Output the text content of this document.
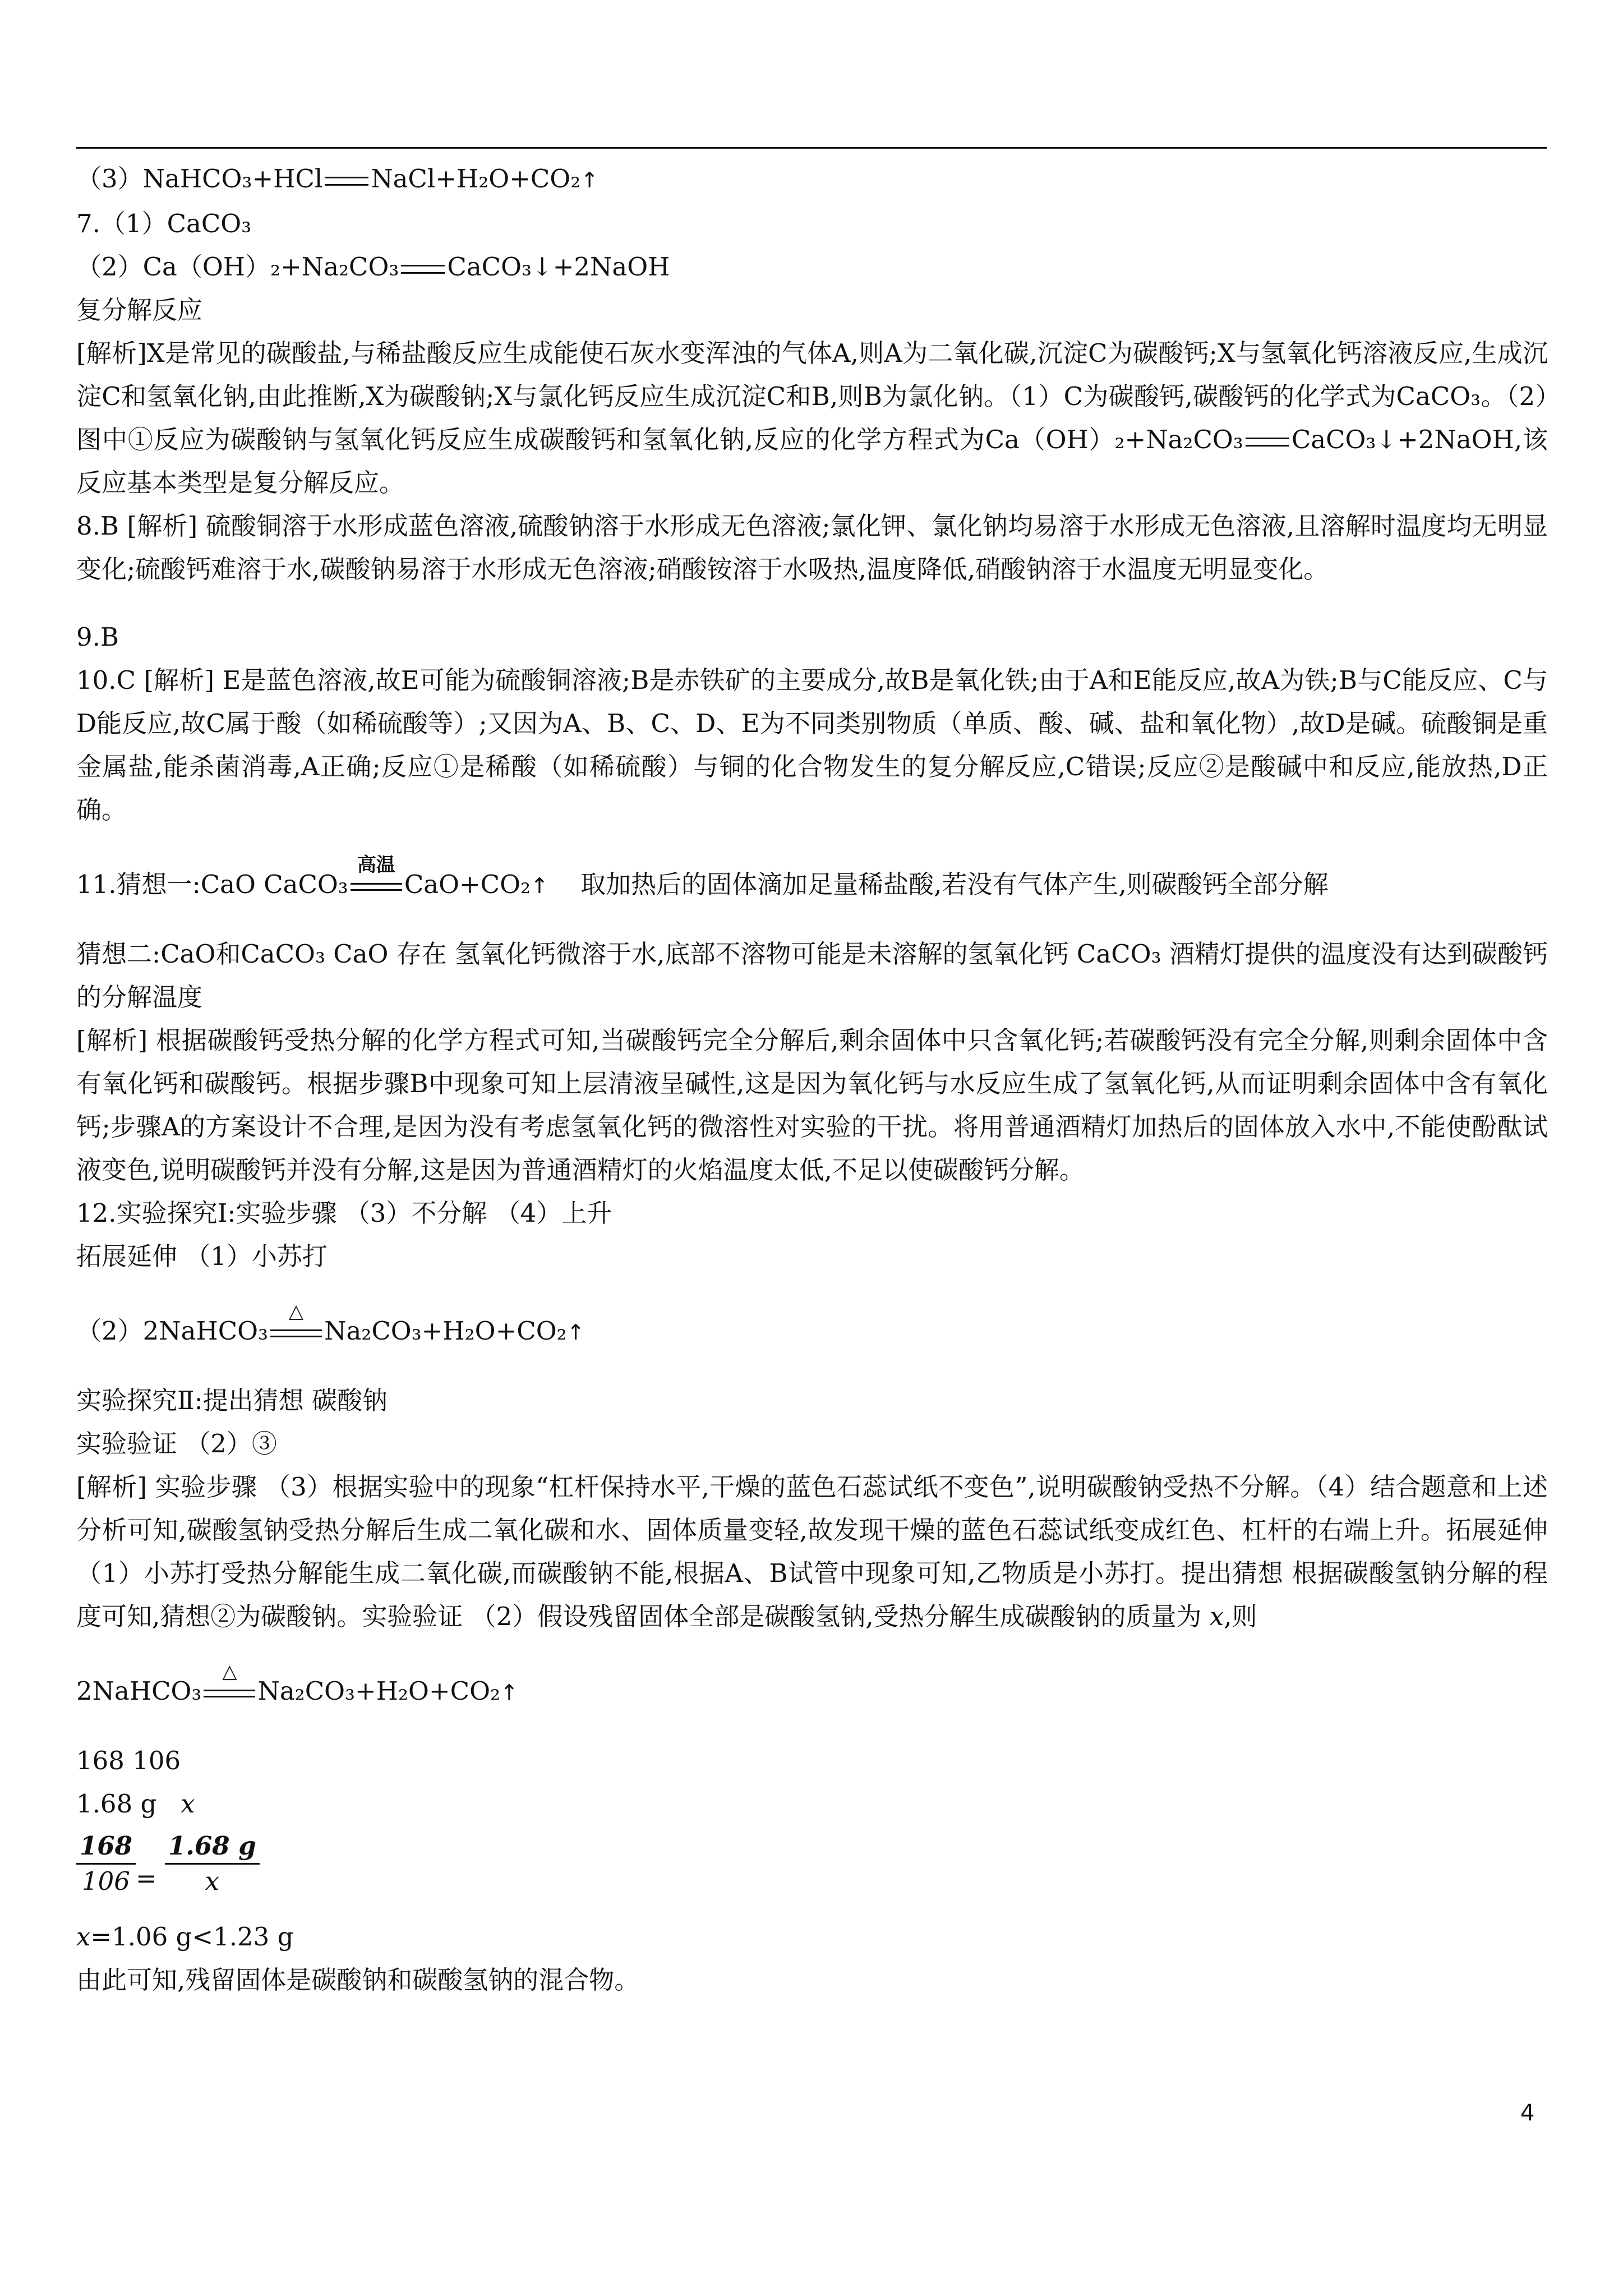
（3）NaHCO₃+HCl NaCl+H₂O+CO₂↑
7.（1）CaCO₃
（2）Ca（OH）₂+Na₂CO₃ CaCO₃↓+2NaOH
复分解反应
[解析]X是常见的碳酸盐,与稀盐酸反应生成能使石灰水变浑浊的气体A,则A为二氧化碳,沉淀C为碳酸钙;X与氢氧化钙溶液反应,生成沉淀C和氢氧化钠,由此推断,X为碳酸钠;X与氯化钙反应生成沉淀C和B,则B为氯化钠。（1）C为碳酸钙,碳酸钙的化学式为CaCO₃。（2）图中①反应为碳酸钠与氢氧化钙反应生成碳酸钙和氢氧化钠,反应的化学方程式为Ca（OH）₂+Na₂CO₃ CaCO₃↓+2NaOH,该反应基本类型是复分解反应。
8.B [解析] 硫酸铜溶于水形成蓝色溶液,硫酸钠溶于水形成无色溶液;氯化钾、氯化钠均易溶于水形成无色溶液,且溶解时温度均无明显变化;硫酸钙难溶于水,碳酸钠易溶于水形成无色溶液;硝酸铵溶于水吸热,温度降低,硝酸钠溶于水温度无明显变化。
9.B
10.C [解析] E是蓝色溶液,故E可能为硫酸铜溶液;B是赤铁矿的主要成分,故B是氧化铁;由于A和E能反应,故A为铁;B与C能反应、C与D能反应,故C属于酸（如稀硫酸等）;又因为A、B、C、D、E为不同类别物质（单质、酸、碱、盐和氧化物）,故D是碱。硫酸铜是重金属盐,能杀菌消毒,A正确;反应①是稀酸（如稀硫酸）与铜的化合物发生的复分解反应,C错误;反应②是酸碱中和反应,能放热,D正确。
11.猜想一:CaO CaCO₃
高温
CaO+CO₂↑ 取加热后的固体滴加足量稀盐酸,若没有气体产生,则碳酸钙全部分解
猜想二:CaO和CaCO₃ CaO 存在 氢氧化钙微溶于水,底部不溶物可能是未溶解的氢氧化钙 CaCO₃ 酒精灯提供的温度没有达到碳酸钙的分解温度
[解析] 根据碳酸钙受热分解的化学方程式可知,当碳酸钙完全分解后,剩余固体中只含氧化钙;若碳酸钙没有完全分解,则剩余固体中含有氧化钙和碳酸钙。根据步骤B中现象可知上层清液呈碱性,这是因为氧化钙与水反应生成了氢氧化钙,从而证明剩余固体中含有氧化钙;步骤A的方案设计不合理,是因为没有考虑氢氧化钙的微溶性对实验的干扰。将用普通酒精灯加热后的固体放入水中,不能使酚酞试液变色,说明碳酸钙并没有分解,这是因为普通酒精灯的火焰温度太低,不足以使碳酸钙分解。
12.实验探究Ⅰ:实验步骤 （3）不分解 （4）上升
拓展延伸 （1）小苏打
（2）2NaHCO₃
△
Na₂CO₃+H₂O+CO₂↑
实验探究Ⅱ:提出猜想 碳酸钠
实验验证 （2）③
[解析] 实验步骤 （3）根据实验中的现象“杠杆保持水平,干燥的蓝色石蕊试纸不变色”,说明碳酸钠受热不分解。（4）结合题意和上述分析可知,碳酸氢钠受热分解后生成二氧化碳和水、固体质量变轻,故发现干燥的蓝色石蕊试纸变成红色、杠杆的右端上升。拓展延伸 （1）小苏打受热分解能生成二氧化碳,而碳酸钠不能,根据A、B试管中现象可知,乙物质是小苏打。提出猜想 根据碳酸氢钠分解的程度可知,猜想②为碳酸钠。实验验证 （2）假设残留固体全部是碳酸氢钠,受热分解生成碳酸钠的质量为 x,则
2NaHCO₃
△
Na₂CO₃+H₂O+CO₂↑
168 106
1.68 g x
$\frac{168}{106} = \frac{1.68 g}{x}$
x=1.06 g<1.23 g
由此可知,残留固体是碳酸钠和碳酸氢钠的混合物。
4
